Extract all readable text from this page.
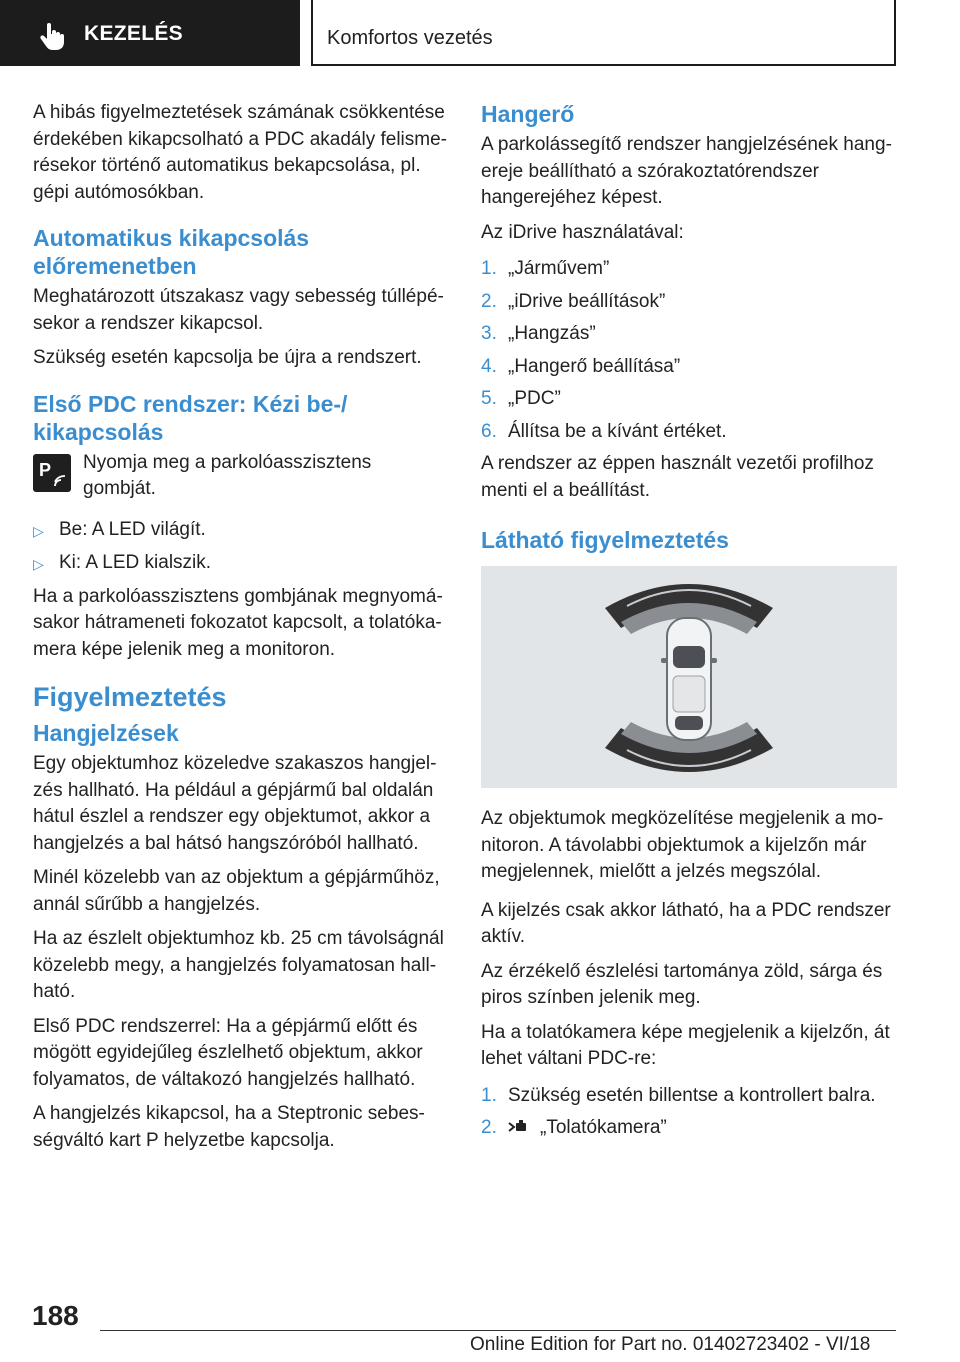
KEZELÉS	Komfortos vezetés

A hibás figyelmeztetések számának csökkentése érdekében kikapcsolható a PDC akadály felismerésekor történő automatikus bekapcsolása, pl. gépi autómosókban.

Automatikus kikapcsolás előremenetben

Meghatározott útszakasz vagy sebesség túllépésekor a rendszer kikapcsol.

Szükség esetén kapcsolja be újra a rendszert.

Első PDC rendszer: Kézi be-/ kikapcsolás
P Nyomja meg a parkolóasszisztens gombját.
▷ Be: A LED világít.
▷ Ki: A LED kialszik.

Ha a parkolóasszisztens gombjának megnyomásakor hátrameneti fokozatot kapcsolt, a tolatókamera képe jelenik meg a monitoron.

Figyelmeztetés
Hangjelzések

Egy objektumhoz közeledve szakaszos hangjelzés hallható. Ha például a gépjármű bal oldalán hátul észlel a rendszer egy objektumot, akkor a hangjelzés a bal hátsó hangszóróból hallható.

Minél közelebb van az objektum a gépjárműhöz, annál sűrűbb a hangjelzés.

Ha az észlelt objektumhoz kb. 25 cm távolságnál közelebb megy, a hangjelzés folyamatosan hallható.

Első PDC rendszerrel: Ha a gépjármű előtt és mögött egyidejűleg észlelhető objektum, akkor folyamatos, de váltakozó hangjelzés hallható.

A hangjelzés kikapcsol, ha a Steptronic sebességváltó kart P helyzetbe kapcsolja.

Hangerő

A parkolássegítő rendszer hangjelzésének hangereje beállítható a szórakoztatórendszer hangerejéhez képest.

Az iDrive használatával:

1. „Járművem”
2. „iDrive beállítások”
3. „Hangzás”
4. „Hangerő beállítása”
5. „PDC”
6. Állítsa be a kívánt értéket.

A rendszer az éppen használt vezetői profilhoz menti el a beállítást.

Látható figyelmeztetés

Az objektumok megközelítése megjelenik a monitoron. A távolabbi objektumok a kijelzőn már megjelennek, mielőtt a jelzés megszólal.

A kijelzés csak akkor látható, ha a PDC rendszer aktív.

Az érzékelő észlelési tartománya zöld, sárga és piros színben jelenik meg.

Ha a tolatókamera képe megjelenik a kijelzőn, át lehet váltani PDC-re:

1. Szükség esetén billentse a kontrollert balra.
2.	„Tolatókamera”
188
Online Edition for Part no. 01402723402 - VI/18
